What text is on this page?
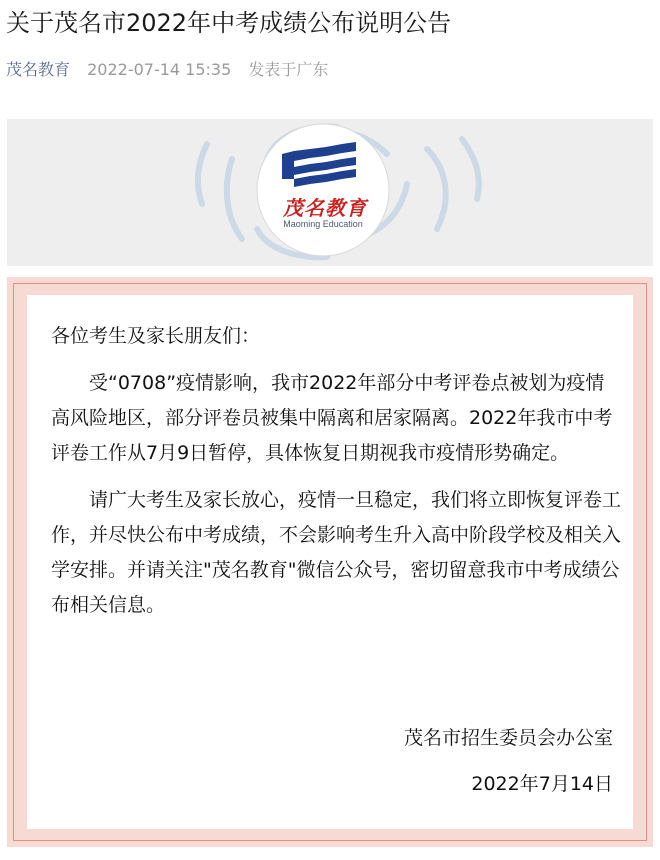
关于茂名市2022年中考成绩公布说明公告
茂名教育 2022-07-14 15:35 发表于广东
茂名教育
Maoming Education

各位考生及家长朋友们：

受“0708”疫情影响，我市2022年部分中考评卷点被划为疫情高风险地区，部分评卷员被集中隔离和居家隔离。2022年我市中考评卷工作从7月9日暂停，具体恢复日期视我市疫情形势确定。

请广大考生及家长放心，疫情一旦稳定，我们将立即恢复评卷工作，并尽快公布中考成绩，不会影响考生升入高中阶段学校及相关入学安排。并请关注"茂名教育"微信公众号，密切留意我市中考成绩公布相关信息。

茂名市招生委员会办公室
2022年7月14日
